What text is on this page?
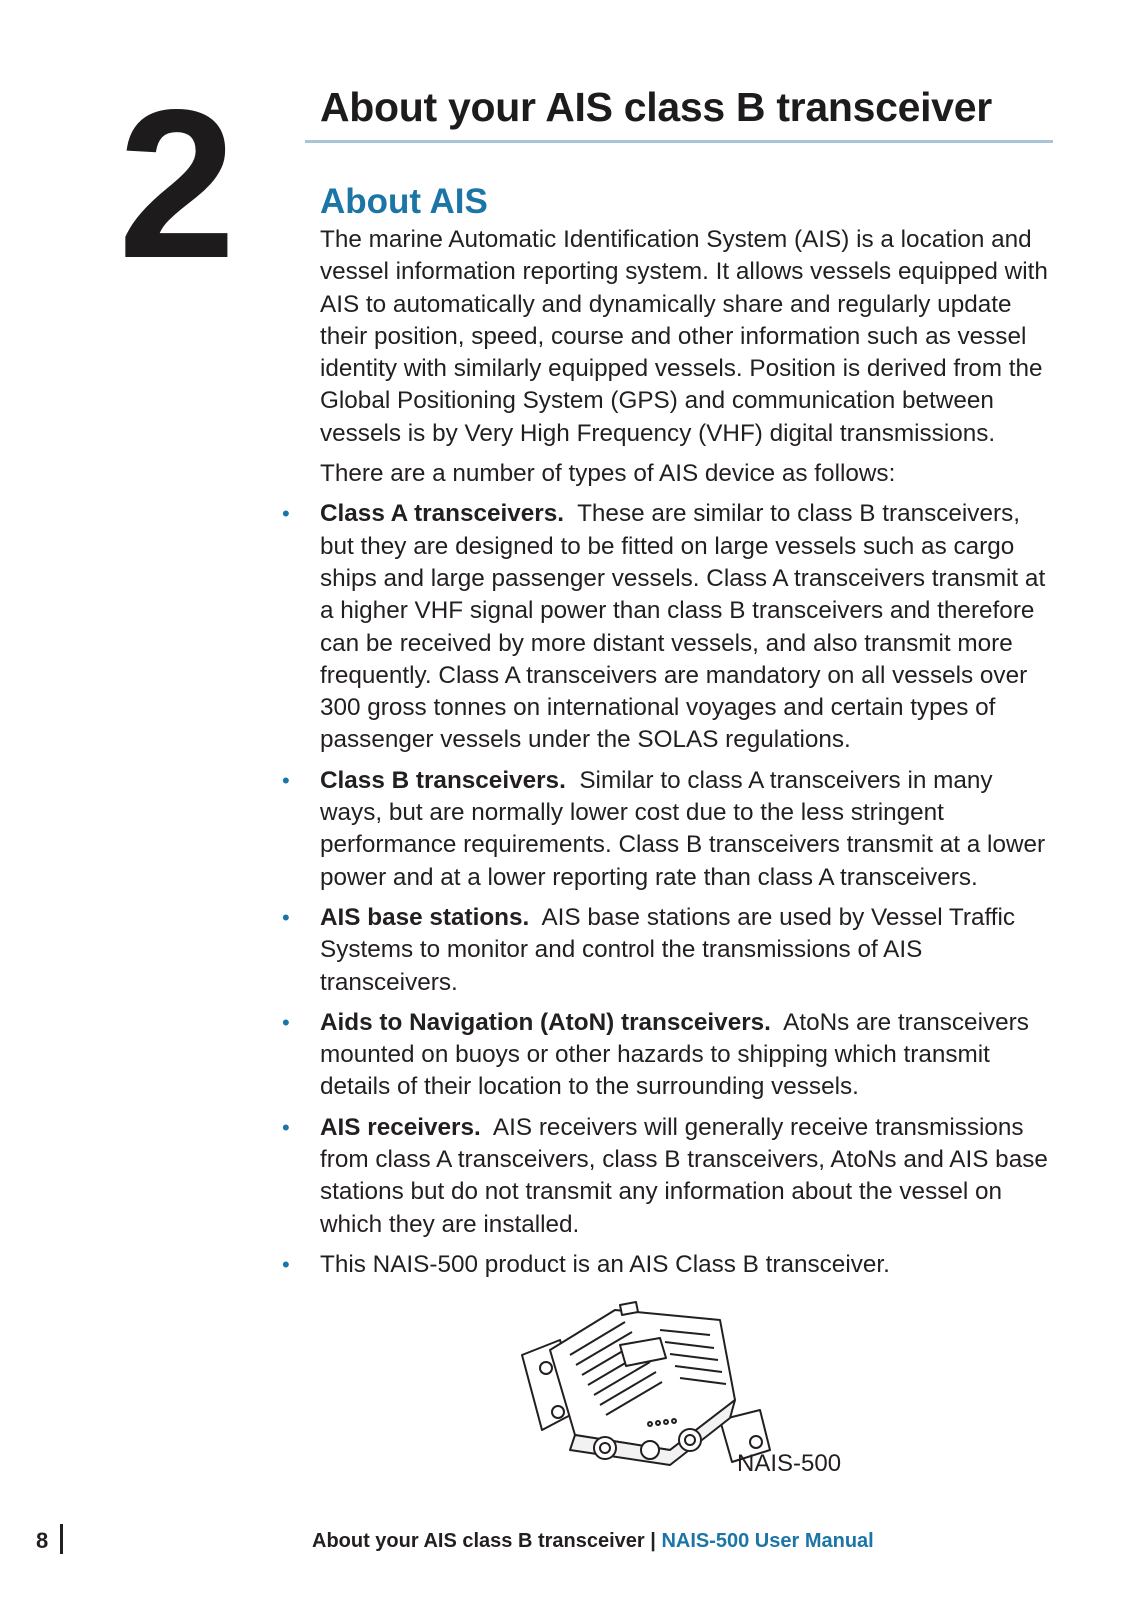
2 About your AIS class B transceiver
About AIS

The marine Automatic Identification System (AIS) is a location and vessel information reporting system. It allows vessels equipped with AIS to automatically and dynamically share and regularly update their position, speed, course and other information such as vessel identity with similarly equipped vessels. Position is derived from the Global Positioning System (GPS) and communication between vessels is by Very High Frequency (VHF) digital transmissions.

There are a number of types of AIS device as follows:

• Class A transceivers. These are similar to class B transceivers, but they are designed to be fitted on large vessels such as cargo ships and large passenger vessels. Class A transceivers transmit at a higher VHF signal power than class B transceivers and therefore can be received by more distant vessels, and also transmit more frequently. Class A transceivers are mandatory on all vessels over 300 gross tonnes on international voyages and certain types of passenger vessels under the SOLAS regulations.
• Class B transceivers. Similar to class A transceivers in many ways, but are normally lower cost due to the less stringent performance requirements. Class B transceivers transmit at a lower power and at a lower reporting rate than class A transceivers.
• AIS base stations. AIS base stations are used by Vessel Traffic Systems to monitor and control the transmissions of AIS transceivers.
• Aids to Navigation (AtoN) transceivers. AtoNs are transceivers mounted on buoys or other hazards to shipping which transmit details of their location to the surrounding vessels.
• AIS receivers. AIS receivers will generally receive transmissions from class A transceivers, class B transceivers, AtoNs and AIS base stations but do not transmit any information about the vessel on which they are installed.
• This NAIS-500 product is an AIS Class B transceiver.
NAIS-500
8	About your AIS class B transceiver | NAIS-500 User Manual
